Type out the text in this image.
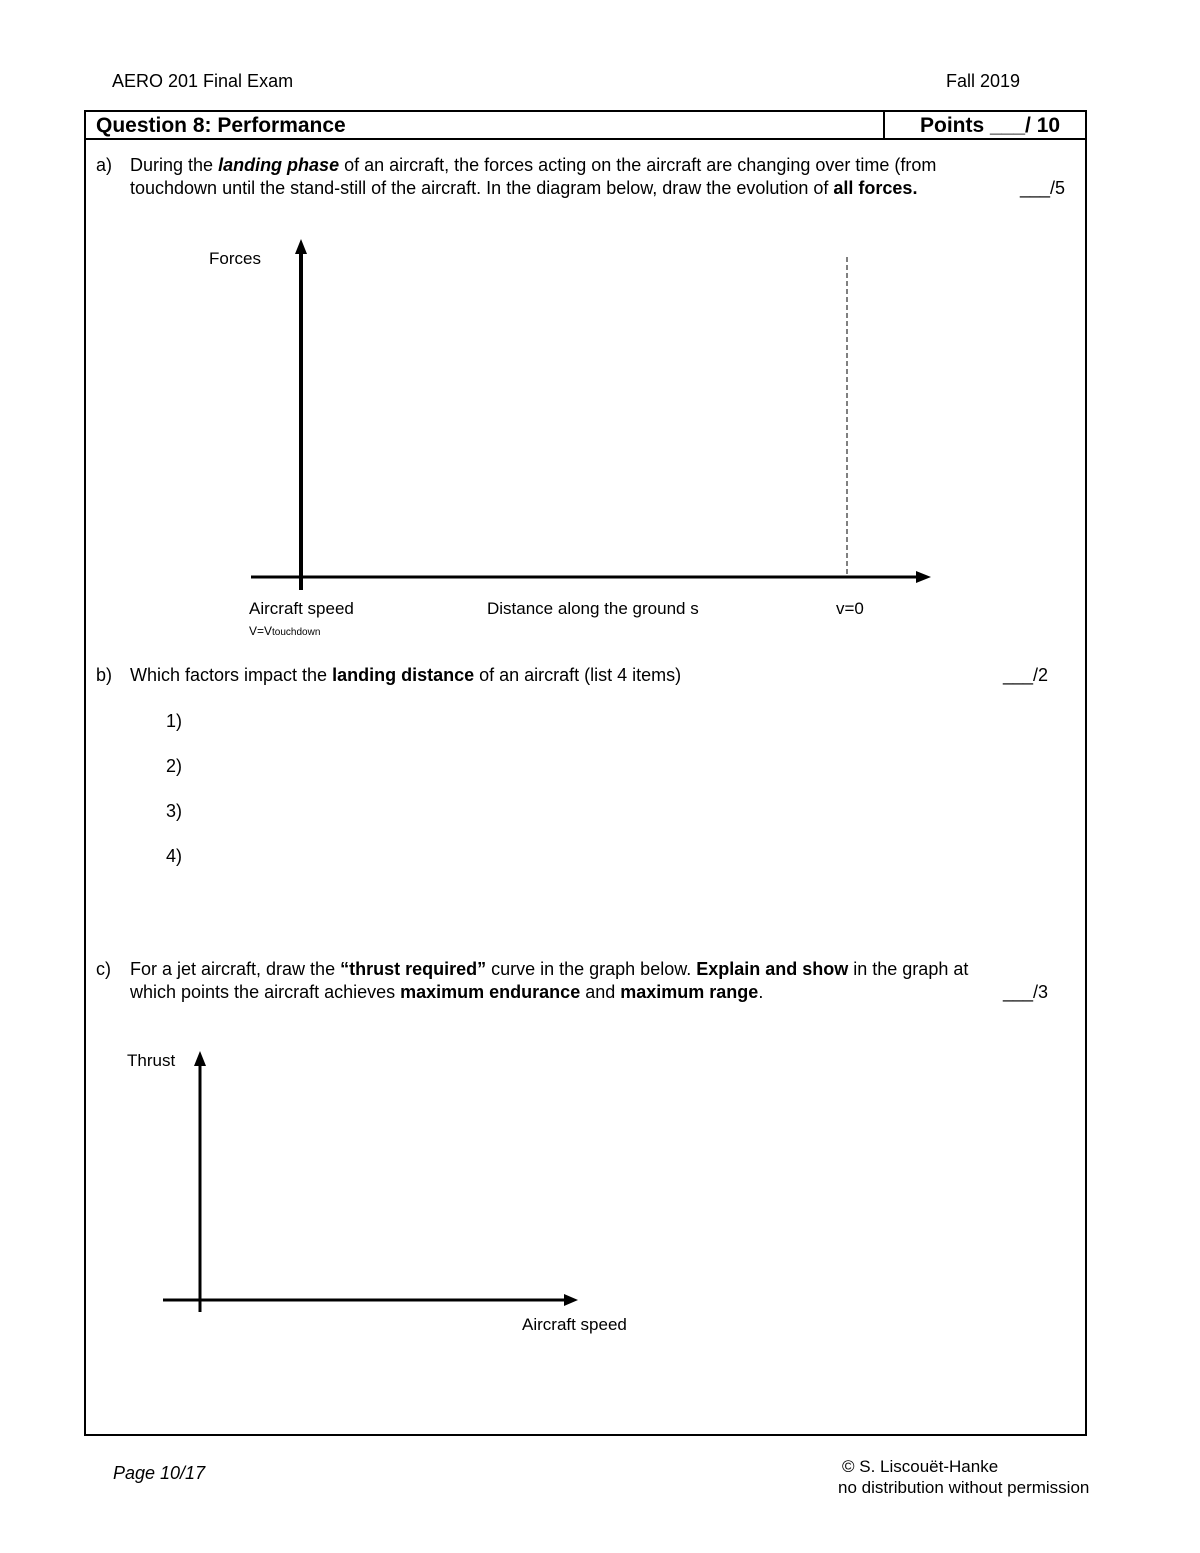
AERO 201 Final Exam	Fall 2019
Question 8: Performance	Points ___/ 10
a) During the landing phase of an aircraft, the forces acting on the aircraft are changing over time (from
touchdown until the stand-still of the aircraft. In the diagram below, draw the evolution of all forces.	___/5
Forces
Aircraft speed
V=Vtouchdown
Distance along the ground s	v=0
b) Which factors impact the landing distance of an aircraft (list 4 items)	___/2
1)
2)
3)
4)
c) For a jet aircraft, draw the “thrust required” curve in the graph below. Explain and show in the graph at
which points the aircraft achieves maximum endurance and maximum range.	___/3
Thrust
Aircraft speed
Page 10/17	© S. Liscouët-Hanke
no distribution without permission
